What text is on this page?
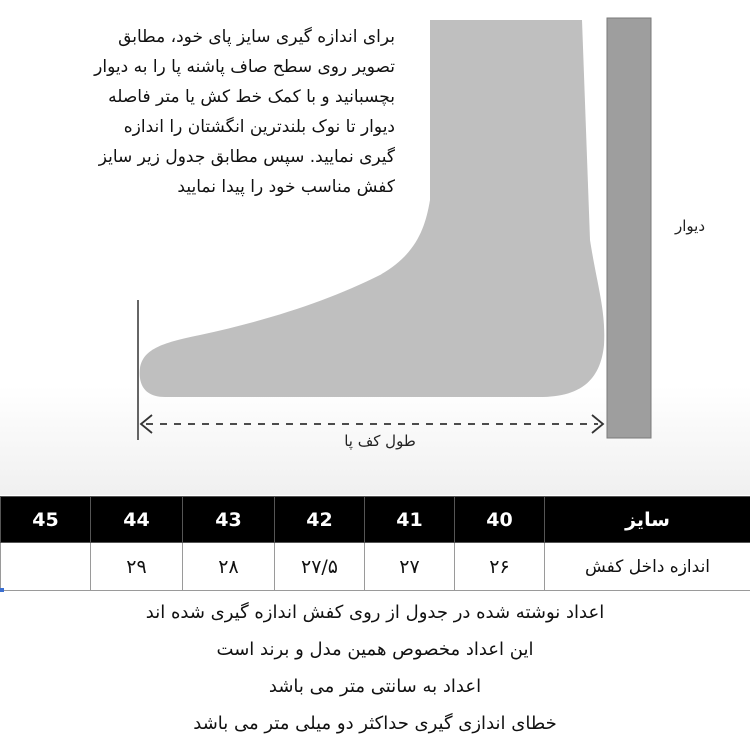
برای اندازه گیری سایز پای خود، مطابق
تصویر روی سطح صاف پاشنه پا را به دیوار
بچسبانید و با کمک خط کش یا متر فاصله
دیوار تا نوک بلندترین انگشتان را اندازه
گیری نمایید. سپس مطابق جدول زیر سایز
کفش مناسب خود را پیدا نمایید
دیوار
طول کف پا
45	44	43	42	41	40	سایز
	۲۹	۲۸	۲۷/۵	۲۷	۲۶	اندازه داخل کفش
اعداد نوشته شده در جدول از روی کفش اندازه گیری شده اند
این اعداد مخصوص همین مدل و برند است
اعداد به سانتی متر می باشد
خطای اندازی گیری حداکثر دو میلی متر می باشد
